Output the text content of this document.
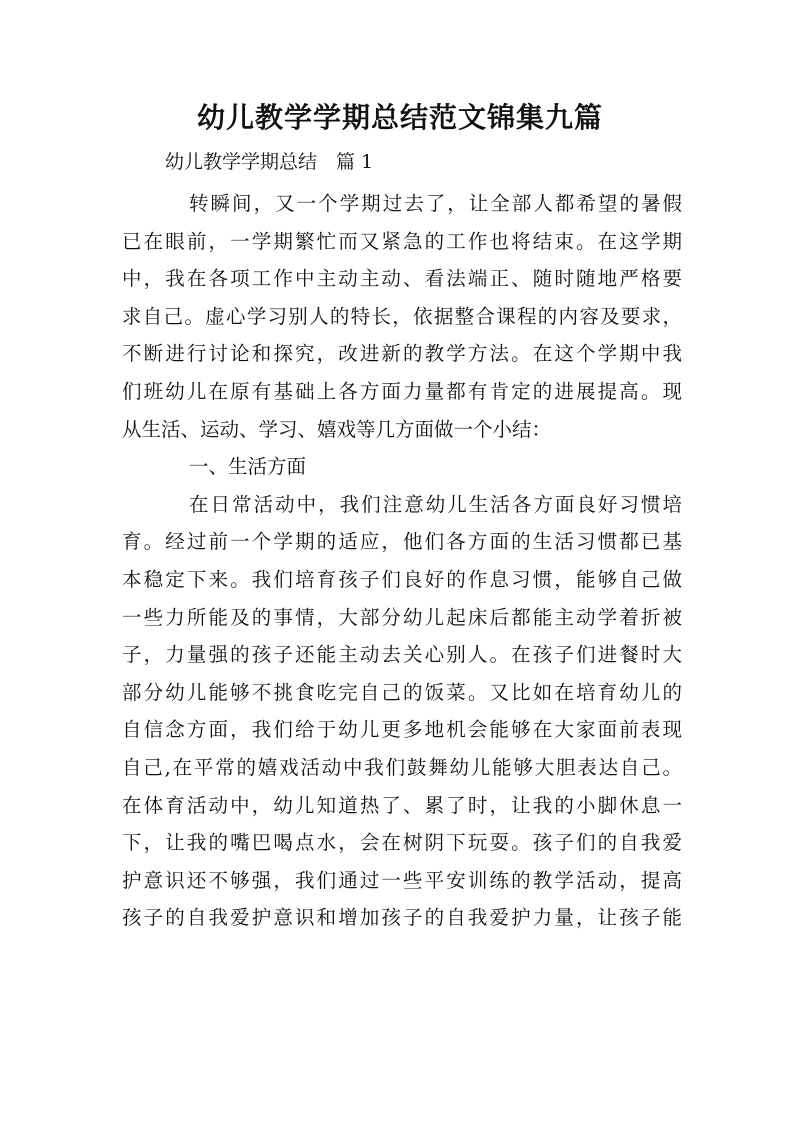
幼儿教学学期总结范文锦集九篇
幼儿教学学期总结　篇 1
转瞬间，又一个学期过去了，让全部人都希望的暑假
已在眼前，一学期繁忙而又紧急的工作也将结束。在这学期
中，我在各项工作中主动主动、看法端正、随时随地严格要
求自己。虚心学习别人的特长，依据整合课程的内容及要求，
不断进行讨论和探究，改进新的教学方法。在这个学期中我
们班幼儿在原有基础上各方面力量都有肯定的进展提高。现
从生活、运动、学习、嬉戏等几方面做一个小结：
一、生活方面
在日常活动中，我们注意幼儿生活各方面良好习惯培
育。经过前一个学期的适应，他们各方面的生活习惯都已基
本稳定下来。我们培育孩子们良好的作息习惯，能够自己做
一些力所能及的事情，大部分幼儿起床后都能主动学着折被
子，力量强的孩子还能主动去关心别人。在孩子们进餐时大
部分幼儿能够不挑食吃完自己的饭菜。又比如在培育幼儿的
自信念方面，我们给于幼儿更多地机会能够在大家面前表现
自己,在平常的嬉戏活动中我们鼓舞幼儿能够大胆表达自己。
在体育活动中，幼儿知道热了、累了时，让我的小脚休息一
下，让我的嘴巴喝点水，会在树阴下玩耍。孩子们的自我爱
护意识还不够强，我们通过一些平安训练的教学活动，提高
孩子的自我爱护意识和增加孩子的自我爱护力量，让孩子能
